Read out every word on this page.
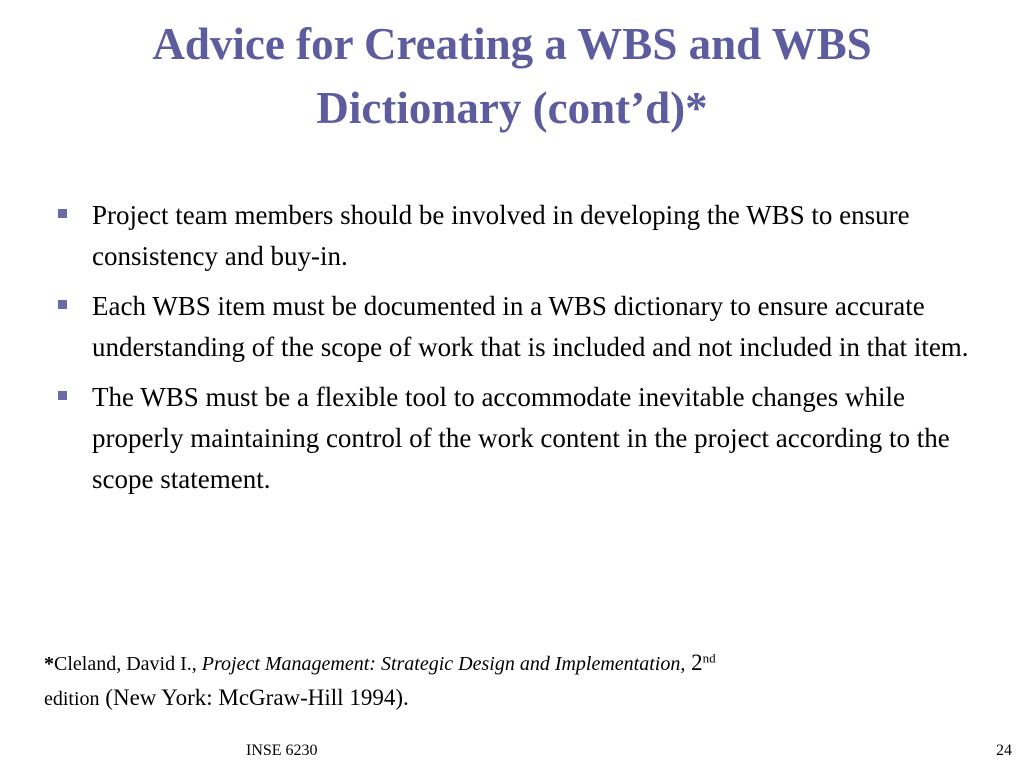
Advice for Creating a WBS and WBS
Dictionary (cont’d)*
Project team members should be involved in developing the WBS to ensure consistency and buy-in.
Each WBS item must be documented in a WBS dictionary to ensure accurate understanding of the scope of work that is included and not included in that item.
The WBS must be a flexible tool to accommodate inevitable changes while properly maintaining control of the work content in the project according to the scope statement.
*Cleland, David I., Project Management: Strategic Design and Implementation, 2nd
edition (New York: McGraw-Hill 1994).
INSE 6230	24
